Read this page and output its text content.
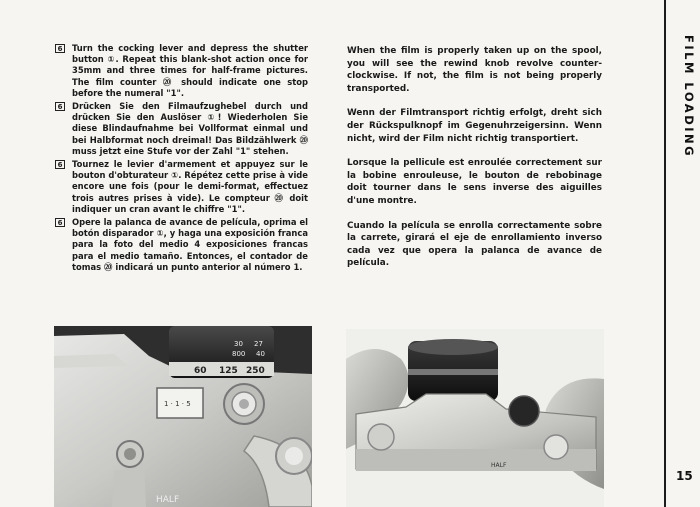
6	Turn the cocking lever and depress the shutter button ①. Repeat this blank-shot action once for 35mm and three times for half-frame pictures. The film counter ⑳ should indicate one stop before the numeral "1".
6	Drücken Sie den Filmaufzughebel durch und drücken Sie den Auslöser ①! Wiederholen Sie diese Blindaufnahme bei Vollformat einmal und bei Halbformat noch dreimal! Das Bildzählwerk ⑳ muss jetzt eine Stufe vor der Zahl "1" stehen.
6	Tournez le levier d'armement et appuyez sur le bouton d'obturateur ①. Répétez cette prise à vide encore une fois (pour le demi-format, effectuez trois autres prises à vide). Le compteur ⑳ doit indiquer un cran avant le chiffre "1".
6	Opere la palanca de avance de película, oprima el botón disparador ①, y haga una exposición franca para la foto del medio 4 exposiciones francas para el medio tamaño. Entonces, el contador de tomas ⑳ indicará un punto anterior al número 1.

When the film is properly taken up on the spool, you will see the rewind knob revolve counter-clockwise. If not, the film is not being properly transported.

Wenn der Filmtransport richtig erfolgt, dreht sich der Rückspulknopf im Gegenuhrzeigersinn. Wenn nicht, wird der Film nicht richtig transportiert.

Lorsque la pellicule est enroulée correctement sur la bobine enrouleuse, le bouton de rebobinage doit tourner dans le sens inverse des aiguilles d'une montre.

Cuando la película se enrolla correctamente sobre la carrete, girará el eje de enrollamiento inverso cada vez que opera la palanca de avance de película.

60 125 250
30 27
800 40
1 · 1 · 5
HALF
HALF
FILM LOADING
15
